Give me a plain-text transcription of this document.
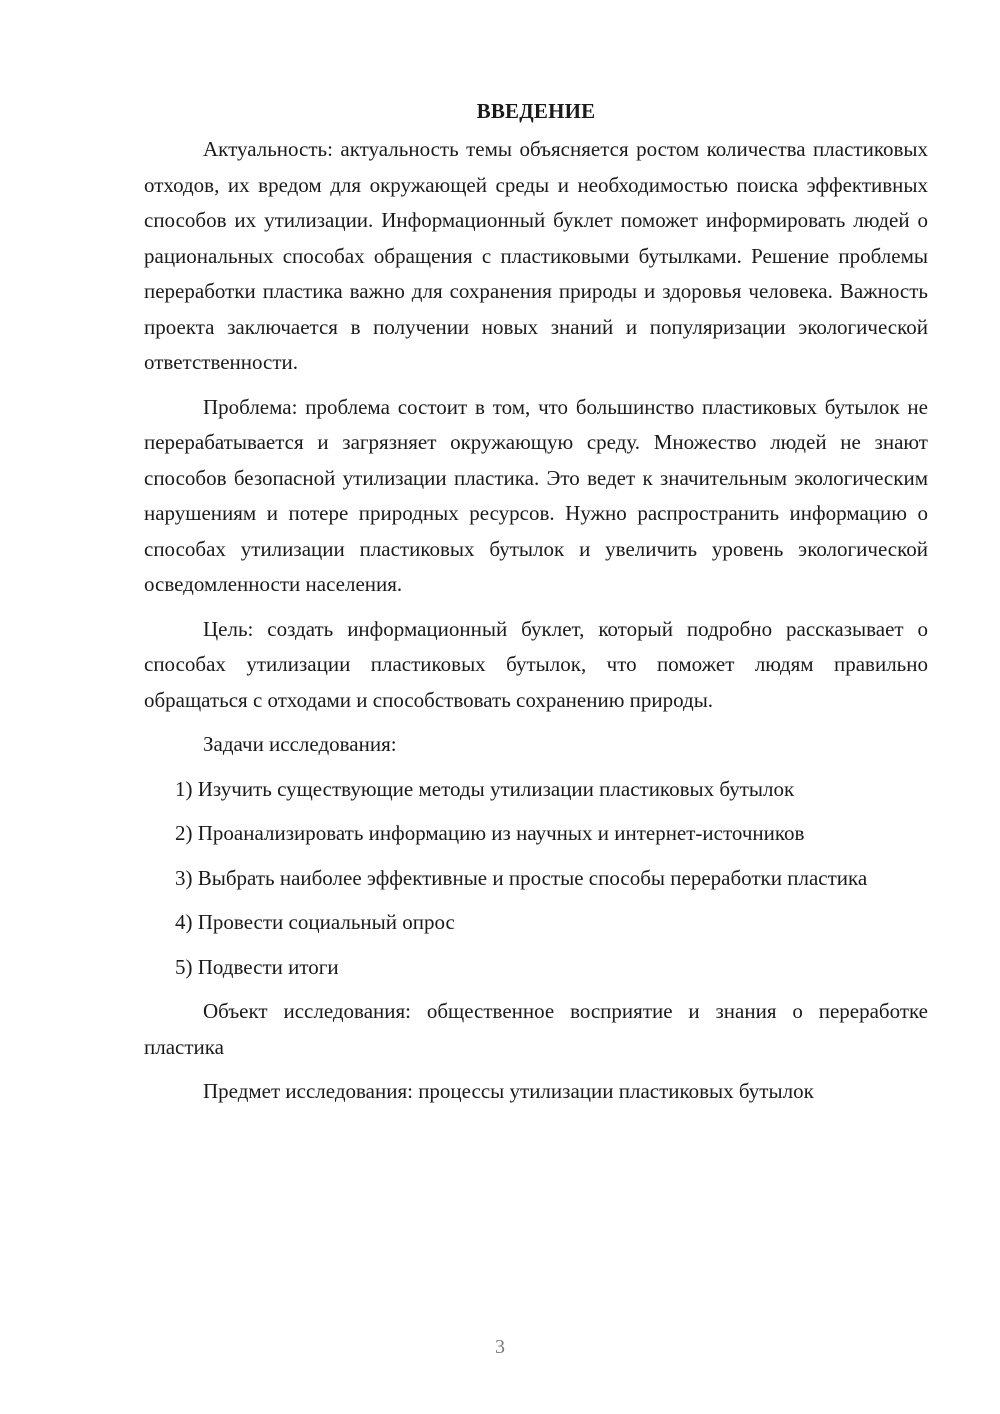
ВВЕДЕНИЕ

Актуальность: актуальность темы объясняется ростом количества пластиковых отходов, их вредом для окружающей среды и необходимостью поиска эффективных способов их утилизации. Информационный буклет поможет информировать людей о рациональных способах обращения с пластиковыми бутылками. Решение проблемы переработки пластика важно для сохранения природы и здоровья человека. Важность проекта заключается в получении новых знаний и популяризации экологической ответственности.

Проблема: проблема состоит в том, что большинство пластиковых бутылок не перерабатывается и загрязняет окружающую среду. Множество людей не знают способов безопасной утилизации пластика. Это ведет к значительным экологическим нарушениям и потере природных ресурсов. Нужно распространить информацию о способах утилизации пластиковых бутылок и увеличить уровень экологической осведомленности населения.

Цель: создать информационный буклет, который подробно рассказывает о способах утилизации пластиковых бутылок, что поможет людям правильно обращаться с отходами и способствовать сохранению природы.

Задачи исследования:

1) Изучить существующие методы утилизации пластиковых бутылок

2) Проанализировать информацию из научных и интернет-источников

3) Выбрать наиболее эффективные и простые способы переработки пластика

4) Провести социальный опрос

5) Подвести итоги

Объект исследования: общественное восприятие и знания о переработке пластика

Предмет исследования: процессы утилизации пластиковых бутылок

3
